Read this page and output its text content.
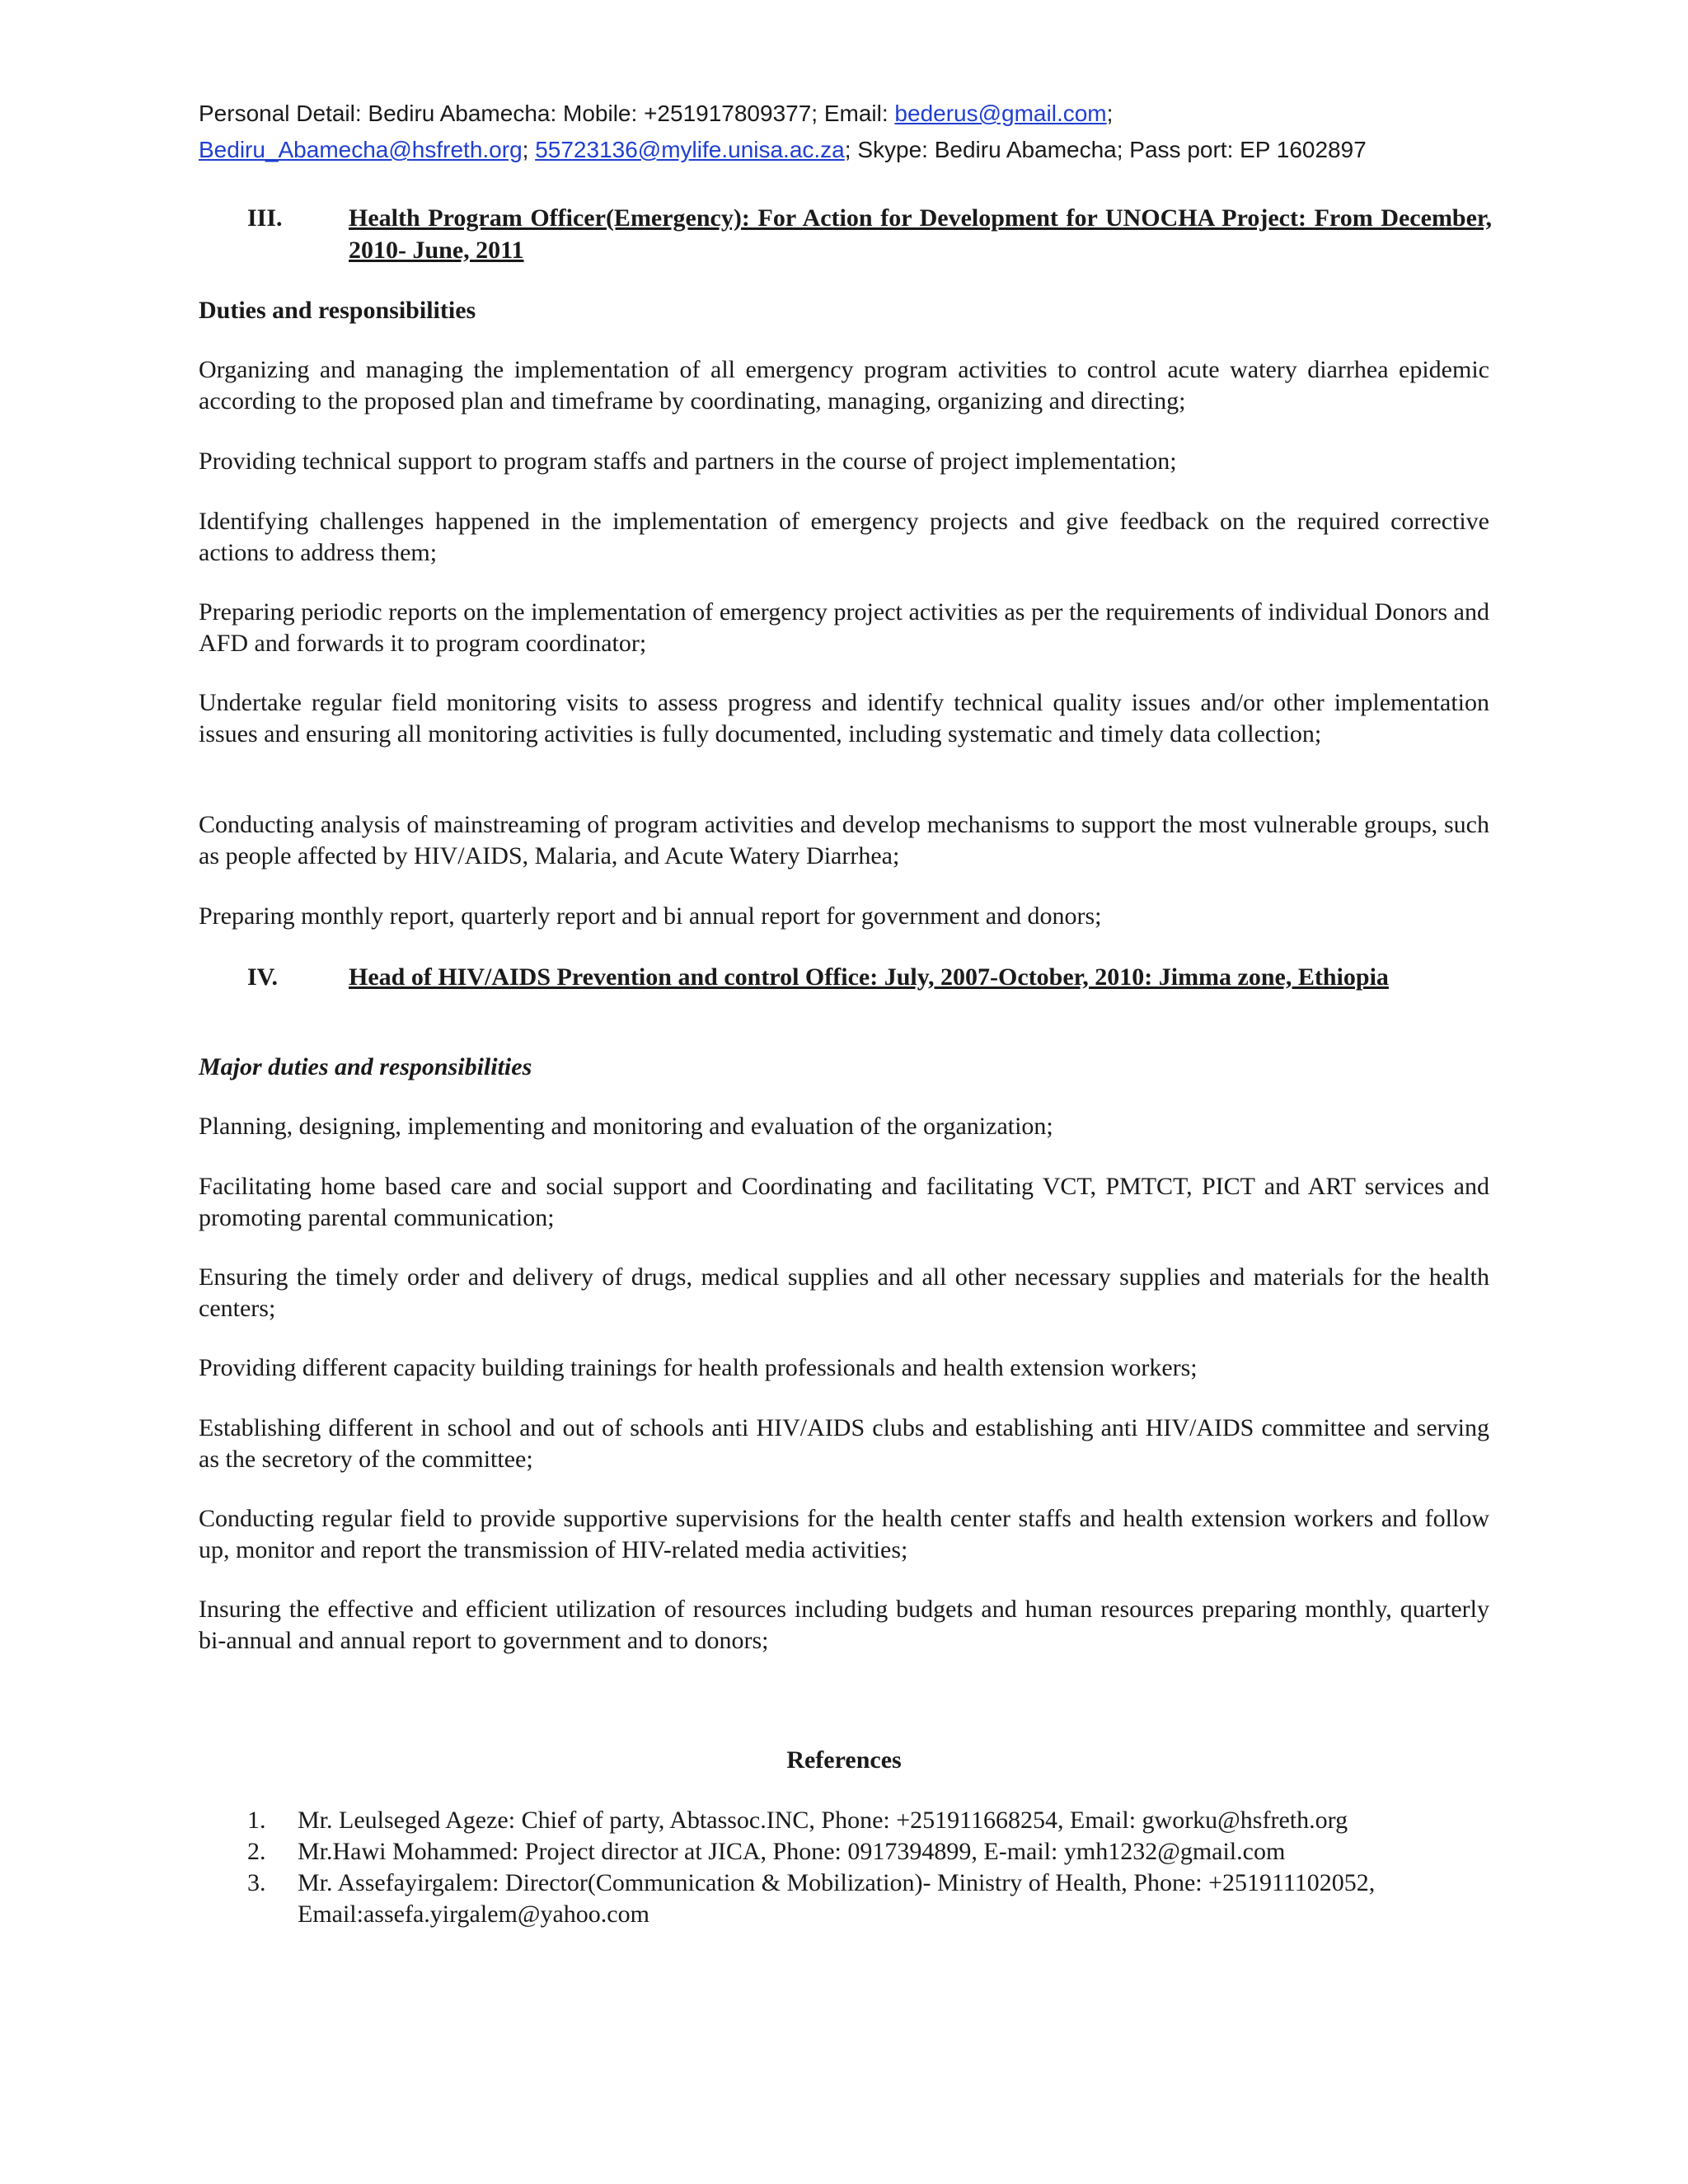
Personal Detail: Bediru Abamecha: Mobile: +251917809377; Email: bederus@gmail.com;
Bediru_Abamecha@hsfreth.org; 55723136@mylife.unisa.ac.za; Skype: Bediru Abamecha; Pass port: EP 1602897
III.	Health Program Officer(Emergency): For Action for Development for UNOCHA Project: From December, 2010- June, 2011
Duties and responsibilities
Organizing and managing the implementation of all emergency program activities to control acute watery diarrhea epidemic according to the proposed plan and timeframe by coordinating, managing, organizing and directing;
Providing technical support to program staffs and partners in the course of project implementation;
Identifying challenges happened in the implementation of emergency projects and give feedback on the required corrective actions to address them;
Preparing periodic reports on the implementation of emergency project activities as per the requirements of individual Donors and AFD and forwards it to program coordinator;
Undertake regular field monitoring visits to assess progress and identify technical quality issues and/or other implementation issues and ensuring all monitoring activities is fully documented, including systematic and timely data collection;
Conducting analysis of mainstreaming of program activities and develop mechanisms to support the most vulnerable groups, such as people affected by HIV/AIDS, Malaria, and Acute Watery Diarrhea;
Preparing monthly report, quarterly report and bi annual report for government and donors;
IV.	Head of HIV/AIDS Prevention and control Office: July, 2007-October, 2010: Jimma zone, Ethiopia
Major duties and responsibilities
Planning, designing, implementing and monitoring and evaluation of the organization;
Facilitating home based care and social support and Coordinating and facilitating VCT, PMTCT, PICT and ART services and promoting parental communication;
Ensuring the timely order and delivery of drugs, medical supplies and all other necessary supplies and materials for the health centers;
Providing different capacity building trainings for health professionals and health extension workers;
Establishing different in school and out of schools anti HIV/AIDS clubs and establishing anti HIV/AIDS committee and serving as the secretory of the committee;
Conducting regular field to provide supportive supervisions for the health center staffs and health extension workers and follow up, monitor and report the transmission of HIV-related media activities;
Insuring the effective and efficient utilization of resources including budgets and human resources preparing monthly, quarterly bi-annual and annual report to government and to donors;
References
1. Mr. Leulseged Ageze: Chief of party, Abtassoc.INC, Phone: +251911668254, Email: gworku@hsfreth.org
2. Mr.Hawi Mohammed: Project director at JICA, Phone: 0917394899, E-mail: ymh1232@gmail.com
3. Mr. Assefayirgalem: Director(Communication & Mobilization)- Ministry of Health, Phone: +251911102052, Email:assefa.yirgalem@yahoo.com
